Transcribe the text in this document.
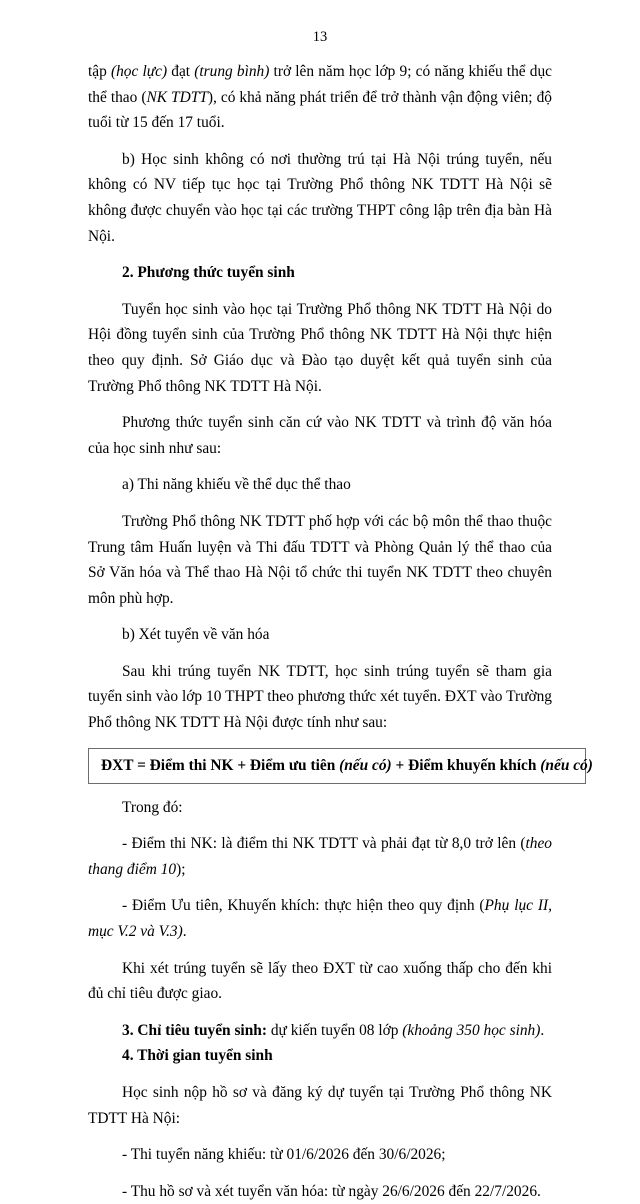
13

tập (học lực) đạt (trung bình) trở lên năm học lớp 9; có năng khiếu thể dục thể thao (NK TDTT), có khả năng phát triển để trở thành vận động viên; độ tuổi từ 15 đến 17 tuổi.

b) Học sinh không có nơi thường trú tại Hà Nội trúng tuyển, nếu không có NV tiếp tục học tại Trường Phổ thông NK TDTT Hà Nội sẽ không được chuyển vào học tại các trường THPT công lập trên địa bàn Hà Nội.

2. Phương thức tuyển sinh

Tuyển học sinh vào học tại Trường Phổ thông NK TDTT Hà Nội do Hội đồng tuyển sinh của Trường Phổ thông NK TDTT Hà Nội thực hiện theo quy định. Sở Giáo dục và Đào tạo duyệt kết quả tuyển sinh của Trường Phổ thông NK TDTT Hà Nội.

Phương thức tuyển sinh căn cứ vào NK TDTT và trình độ văn hóa của học sinh như sau:

a) Thi năng khiếu về thể dục thể thao

Trường Phổ thông NK TDTT phố hợp với các bộ môn thể thao thuộc Trung tâm Huấn luyện và Thi đấu TDTT và Phòng Quản lý thể thao của Sở Văn hóa và Thể thao Hà Nội tổ chức thi tuyển NK TDTT theo chuyên môn phù hợp.

b) Xét tuyển về văn hóa

Sau khi trúng tuyển NK TDTT, học sinh trúng tuyển sẽ tham gia tuyển sinh vào lớp 10 THPT theo phương thức xét tuyển. ĐXT vào Trường Phổ thông NK TDTT Hà Nội được tính như sau:

ĐXT = Điểm thi NK + Điểm ưu tiên (nếu có) + Điểm khuyến khích (nếu có)

Trong đó:

- Điểm thi NK: là điểm thi NK TDTT và phải đạt từ 8,0 trở lên (theo thang điểm 10);

- Điểm Ưu tiên, Khuyến khích: thực hiện theo quy định (Phụ lục II, mục V.2 và V.3).

Khi xét trúng tuyển sẽ lấy theo ĐXT từ cao xuống thấp cho đến khi đủ chỉ tiêu được giao.

3. Chỉ tiêu tuyển sinh: dự kiến tuyển 08 lớp (khoảng 350 học sinh).

4. Thời gian tuyển sinh

Học sinh nộp hồ sơ và đăng ký dự tuyển tại Trường Phổ thông NK TDTT Hà Nội:

- Thi tuyển năng khiếu: từ 01/6/2026 đến 30/6/2026;

- Thu hồ sơ và xét tuyển văn hóa: từ ngày 26/6/2026 đến 22/7/2026.
